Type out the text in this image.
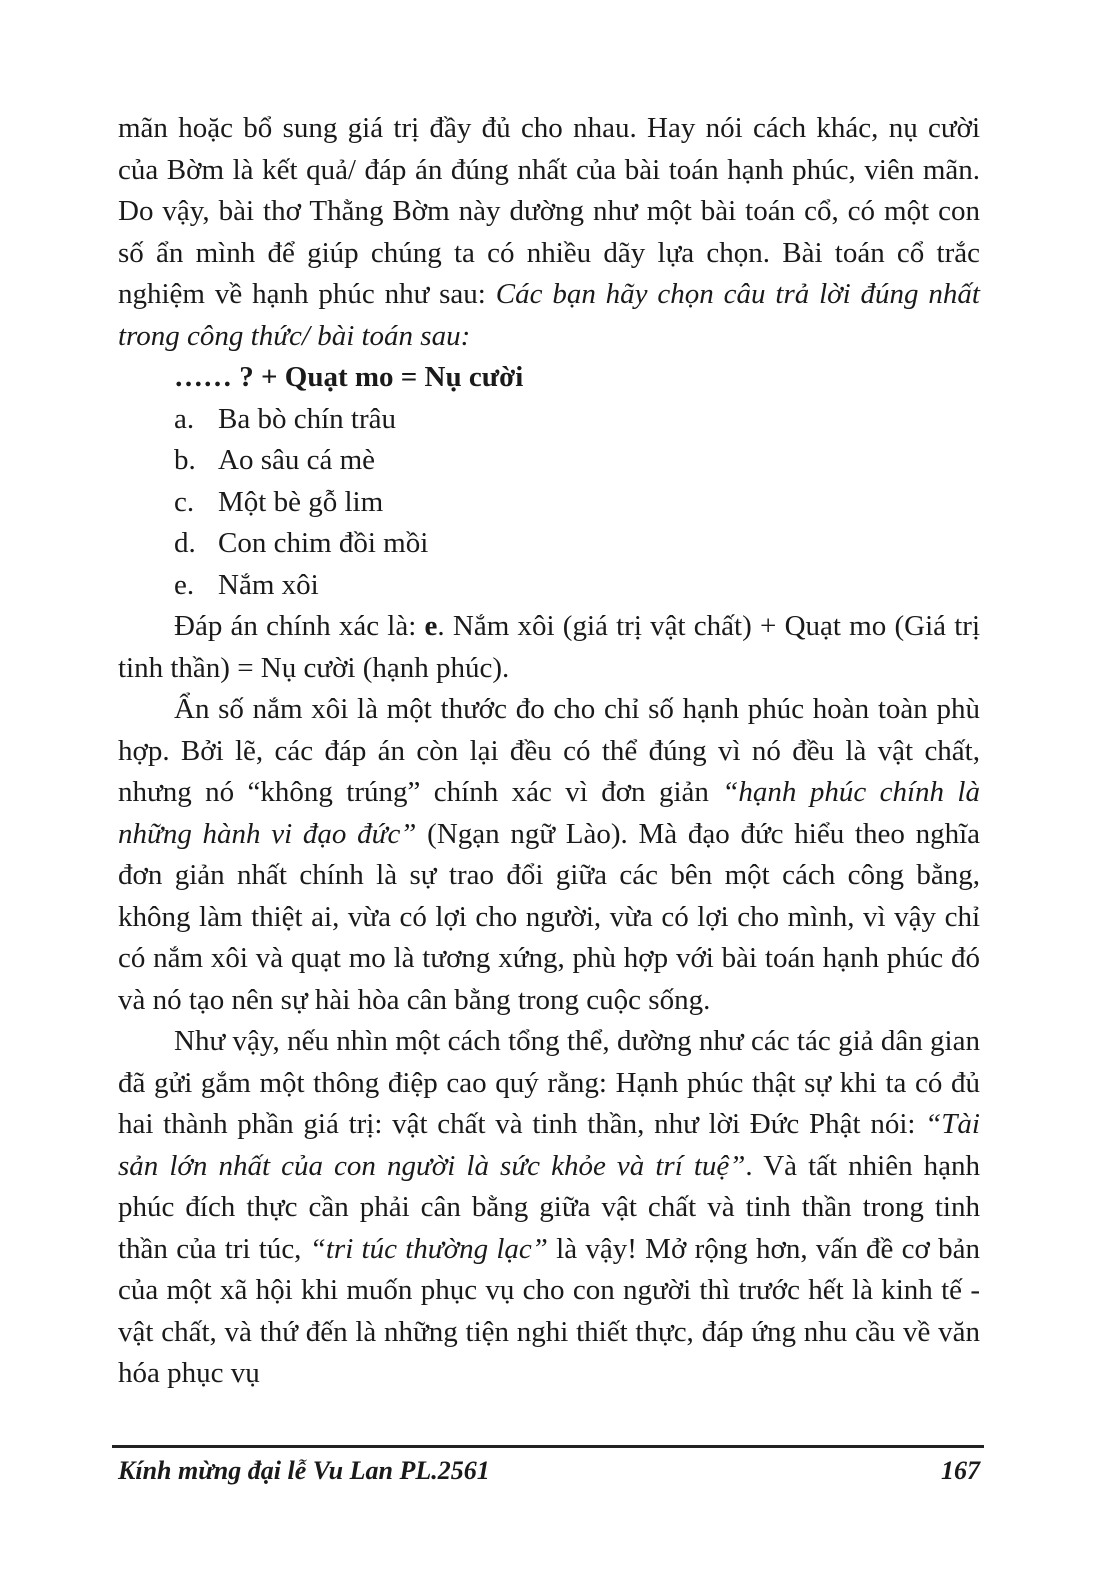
mãn hoặc bổ sung giá trị đầy đủ cho nhau. Hay nói cách khác, nụ cười của Bờm là kết quả/ đáp án đúng nhất của bài toán hạnh phúc, viên mãn. Do vậy, bài thơ Thằng Bờm này dường như một bài toán cổ, có một con số ẩn mình để giúp chúng ta có nhiều dãy lựa chọn. Bài toán cổ trắc nghiệm về hạnh phúc như sau: Các bạn hãy chọn câu trả lời đúng nhất trong công thức/ bài toán sau:

…… ? + Quạt mo = Nụ cười

a. Ba bò chín trâu
b. Ao sâu cá mè
c. Một bè gỗ lim
d. Con chim đồi mồi
e. Nắm xôi

Đáp án chính xác là: e. Nắm xôi (giá trị vật chất) + Quạt mo (Giá trị tinh thần) = Nụ cười (hạnh phúc).

Ẩn số nắm xôi là một thước đo cho chỉ số hạnh phúc hoàn toàn phù hợp. Bởi lẽ, các đáp án còn lại đều có thể đúng vì nó đều là vật chất, nhưng nó “không trúng” chính xác vì đơn giản “hạnh phúc chính là những hành vi đạo đức” (Ngạn ngữ Lào). Mà đạo đức hiểu theo nghĩa đơn giản nhất chính là sự trao đổi giữa các bên một cách công bằng, không làm thiệt ai, vừa có lợi cho người, vừa có lợi cho mình, vì vậy chỉ có nắm xôi và quạt mo là tương xứng, phù hợp với bài toán hạnh phúc đó và nó tạo nên sự hài hòa cân bằng trong cuộc sống.

Như vậy, nếu nhìn một cách tổng thể, dường như các tác giả dân gian đã gửi gắm một thông điệp cao quý rằng: Hạnh phúc thật sự khi ta có đủ hai thành phần giá trị: vật chất và tinh thần, như lời Đức Phật nói: “Tài sản lớn nhất của con người là sức khỏe và trí tuệ”. Và tất nhiên hạnh phúc đích thực cần phải cân bằng giữa vật chất và tinh thần trong tinh thần của tri túc, “tri túc thường lạc” là vậy! Mở rộng hơn, vấn đề cơ bản của một xã hội khi muốn phục vụ cho con người thì trước hết là kinh tế - vật chất, và thứ đến là những tiện nghi thiết thực, đáp ứng nhu cầu về văn hóa phục vụ

Kính mừng đại lễ Vu Lan PL.2561	167
